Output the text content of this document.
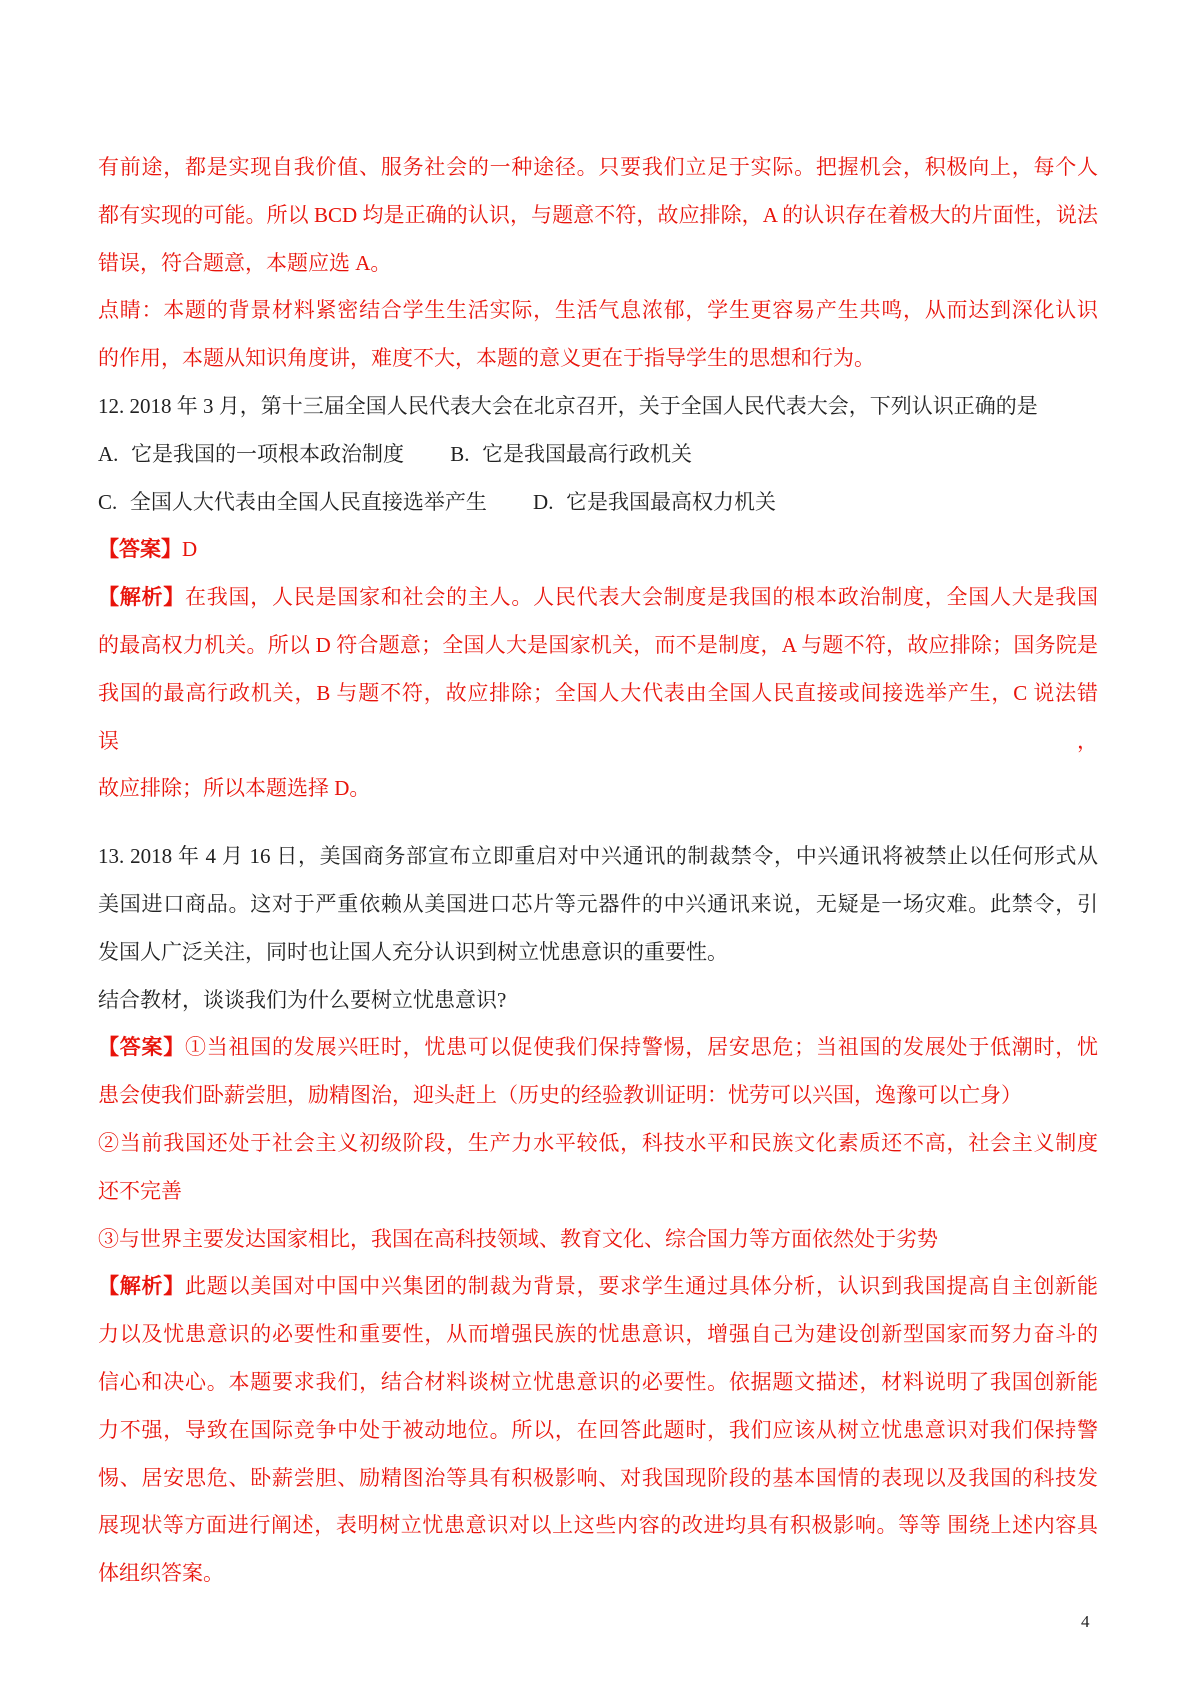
有前途，都是实现自我价值、服务社会的一种途径。只要我们立足于实际。把握机会，积极向上，每个人
都有实现的可能。所以 BCD 均是正确的认识，与题意不符，故应排除，A 的认识存在着极大的片面性，说法
错误，符合题意，本题应选 A。
点睛：本题的背景材料紧密结合学生生活实际，生活气息浓郁，学生更容易产生共鸣，从而达到深化认识
的作用，本题从知识角度讲，难度不大，本题的意义更在于指导学生的思想和行为。
12. 2018 年 3 月，第十三届全国人民代表大会在北京召开，关于全国人民代表大会，下列认识正确的是
A. 它是我国的一项根本政治制度 B. 它是我国最高行政机关
C. 全国人大代表由全国人民直接选举产生 D. 它是我国最高权力机关
【答案】D
【解析】在我国，人民是国家和社会的主人。人民代表大会制度是我国的根本政治制度，全国人大是我国
的最高权力机关。所以 D 符合题意；全国人大是国家机关，而不是制度，A 与题不符，故应排除；国务院是
我国的最高行政机关，B 与题不符，故应排除；全国人大代表由全国人民直接或间接选举产生，C 说法错误，
故应排除；所以本题选择 D。
13. 2018 年 4 月 16 日，美国商务部宣布立即重启对中兴通讯的制裁禁令，中兴通讯将被禁止以任何形式从
美国进口商品。这对于严重依赖从美国进口芯片等元器件的中兴通讯来说，无疑是一场灾难。此禁令，引
发国人广泛关注，同时也让国人充分认识到树立忧患意识的重要性。
结合教材，谈谈我们为什么要树立忧患意识?
【答案】①当祖国的发展兴旺时，忧患可以促使我们保持警惕，居安思危；当祖国的发展处于低潮时，忧
患会使我们卧薪尝胆，励精图治，迎头赶上（历史的经验教训证明：忧劳可以兴国，逸豫可以亡身）
②当前我国还处于社会主义初级阶段，生产力水平较低，科技水平和民族文化素质还不高，社会主义制度
还不完善
③与世界主要发达国家相比，我国在高科技领域、教育文化、综合国力等方面依然处于劣势
【解析】此题以美国对中国中兴集团的制裁为背景，要求学生通过具体分析，认识到我国提高自主创新能
力以及忧患意识的必要性和重要性，从而增强民族的忧患意识，增强自己为建设创新型国家而努力奋斗的
信心和决心。本题要求我们，结合材料谈树立忧患意识的必要性。依据题文描述，材料说明了我国创新能
力不强，导致在国际竞争中处于被动地位。所以，在回答此题时，我们应该从树立忧患意识对我们保持警
惕、居安思危、卧薪尝胆、励精图治等具有积极影响、对我国现阶段的基本国情的表现以及我国的科技发
展现状等方面进行阐述，表明树立忧患意识对以上这些内容的改进均具有积极影响。等等 围绕上述内容具
体组织答案。
4
